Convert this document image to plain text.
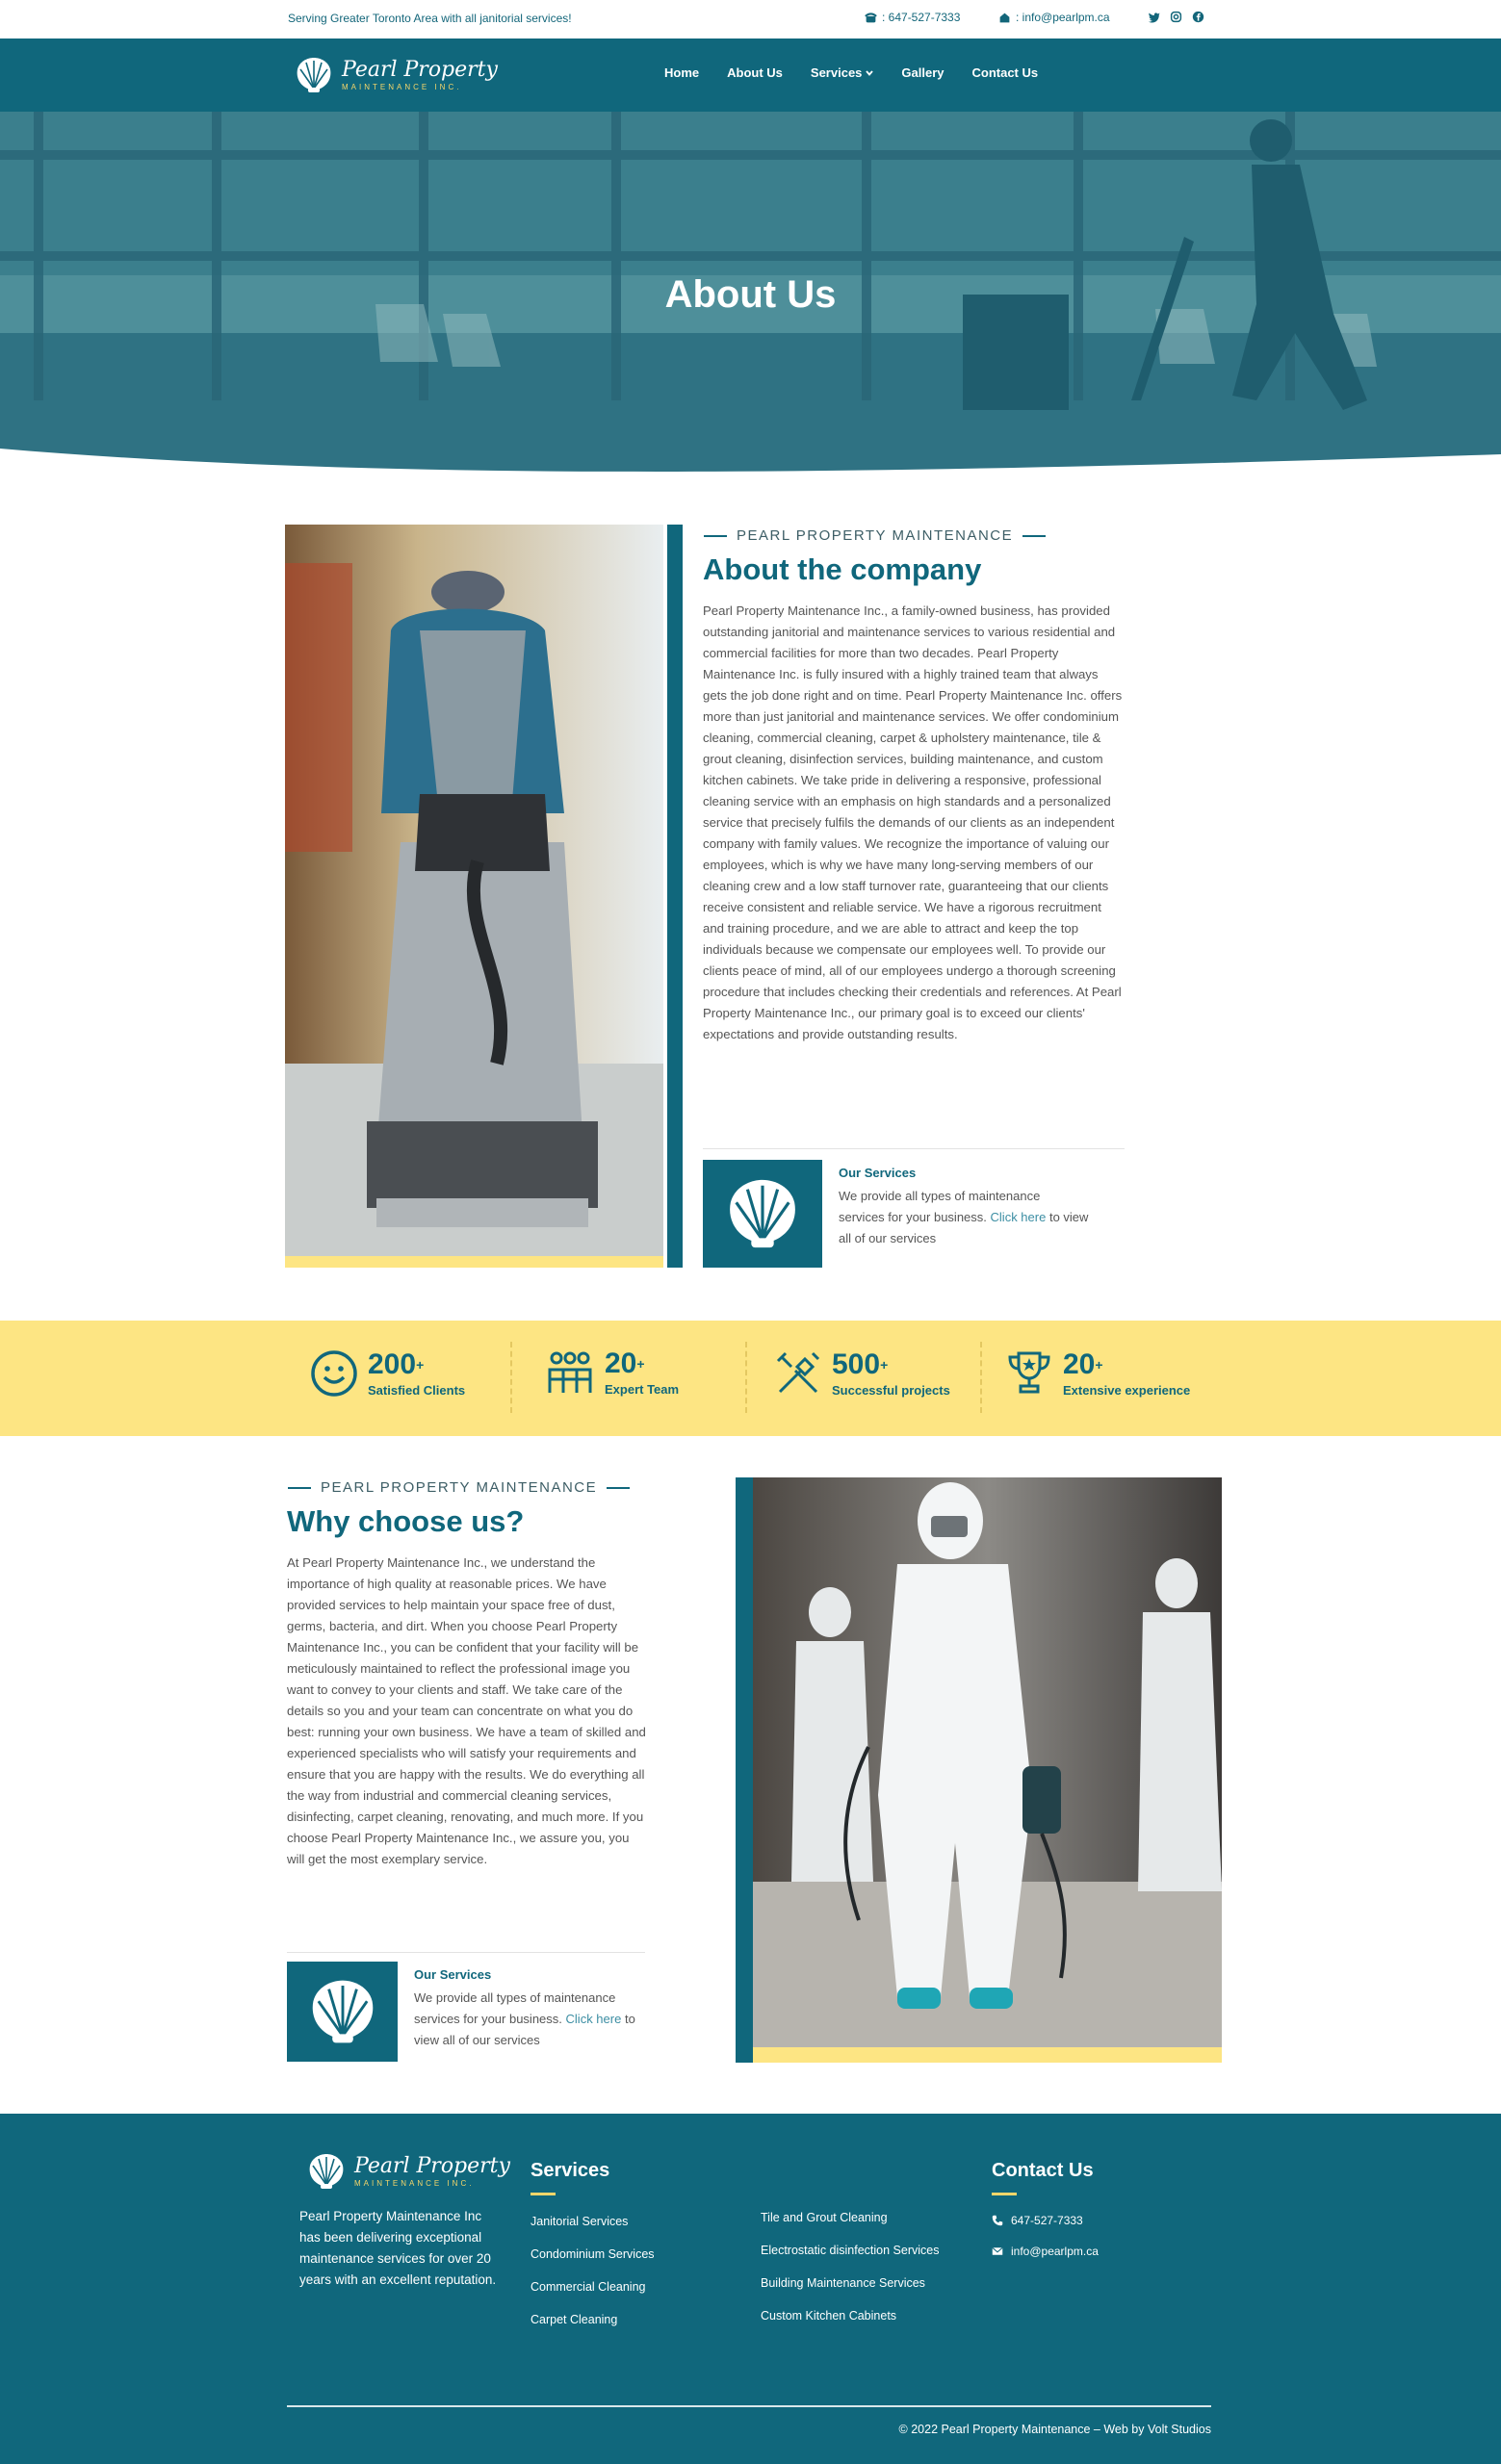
Serving Greater Toronto Area with all janitorial services!	: 647-527-7333	: info@pearlpm.ca
Pearl Property
MAINTENANCE INC.
Home About Us Services	Gallery Contact Us
About Us
PEARL PROPERTY MAINTENANCE
About the company

Pearl Property Maintenance Inc., a family-owned business, has provided outstanding janitorial and maintenance services to various residential and commercial facilities for more than two decades. Pearl Property Maintenance Inc. is fully insured with a highly trained team that always gets the job done right and on time. Pearl Property Maintenance Inc. offers more than just janitorial and maintenance services. We offer condominium cleaning, commercial cleaning, carpet & upholstery maintenance, tile & grout cleaning, disinfection services, building maintenance, and custom kitchen cabinets. We take pride in delivering a responsive, professional cleaning service with an emphasis on high standards and a personalized service that precisely fulfils the demands of our clients as an independent company with family values. We recognize the importance of valuing our employees, which is why we have many long-serving members of our cleaning crew and a low staff turnover rate, guaranteeing that our clients receive consistent and reliable service. We have a rigorous recruitment and training procedure, and we are able to attract and keep the top individuals because we compensate our employees well. To provide our clients peace of mind, all of our employees undergo a thorough screening procedure that includes checking their credentials and references. At Pearl Property Maintenance Inc., our primary goal is to exceed our clients' expectations and provide outstanding results.

Our Services

We provide all types of maintenance services for your business. Click here to view all of our services

200+
Satisfied Clients
20+
Expert Team
500+
Successful projects
20+
Extensive experience
PEARL PROPERTY MAINTENANCE
Why choose us?

At Pearl Property Maintenance Inc., we understand the importance of high quality at reasonable prices. We have provided services to help maintain your space free of dust, germs, bacteria, and dirt. When you choose Pearl Property Maintenance Inc., you can be confident that your facility will be meticulously maintained to reflect the professional image you want to convey to your clients and staff. We take care of the details so you and your team can concentrate on what you do best: running your own business. We have a team of skilled and experienced specialists who will satisfy your requirements and ensure that you are happy with the results. We do everything all the way from industrial and commercial cleaning services, disinfecting, carpet cleaning, renovating, and much more. If you choose Pearl Property Maintenance Inc., we assure you, you will get the most exemplary service.

Our Services

We provide all types of maintenance services for your business. Click here to view all of our services

Pearl Property
MAINTENANCE INC.

Pearl Property Maintenance Inc has been delivering exceptional maintenance services for over 20 years with an excellent reputation.

Services
Janitorial Services
Condominium Services
Commercial Cleaning
Carpet Cleaning
Tile and Grout Cleaning
Electrostatic disinfection Services
Building Maintenance Services
Custom Kitchen Cabinets
Contact Us
647-527-7333
info@pearlpm.ca
© 2022 Pearl Property Maintenance – Web by Volt Studios
